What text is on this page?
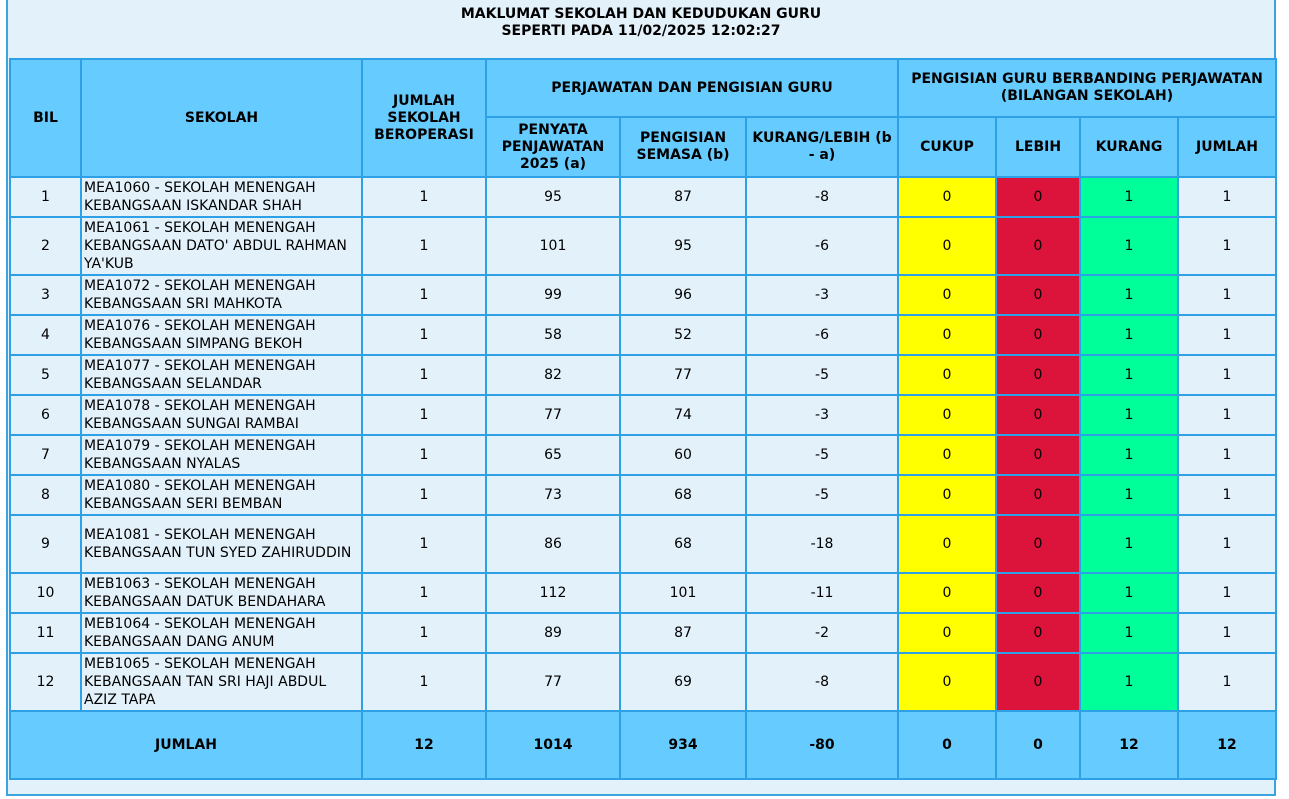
MAKLUMAT SEKOLAH DAN KEDUDUKAN GURU
SEPERTI PADA 11/02/2025 12:02:27
BIL	SEKOLAH	JUMLAH SEKOLAH BEROPERASI	PERJAWATAN DAN PENGISIAN GURU			PENGISIAN GURU BERBANDING PERJAWATAN (BILANGAN SEKOLAH)			
			PENYATA PENJAWATAN 2025 (a)	PENGISIAN SEMASA (b)	KURANG/LEBIH (b - a)	CUKUP	LEBIH	KURANG	JUMLAH
1	MEA1060 - SEKOLAH MENENGAH KEBANGSAAN ISKANDAR SHAH	1	95	87	-8	0	0	1	1
2	MEA1061 - SEKOLAH MENENGAH KEBANGSAAN DATO' ABDUL RAHMAN YA'KUB	1	101	95	-6	0	0	1	1
3	MEA1072 - SEKOLAH MENENGAH KEBANGSAAN SRI MAHKOTA	1	99	96	-3	0	0	1	1
4	MEA1076 - SEKOLAH MENENGAH KEBANGSAAN SIMPANG BEKOH	1	58	52	-6	0	0	1	1
5	MEA1077 - SEKOLAH MENENGAH KEBANGSAAN SELANDAR	1	82	77	-5	0	0	1	1
6	MEA1078 - SEKOLAH MENENGAH KEBANGSAAN SUNGAI RAMBAI	1	77	74	-3	0	0	1	1
7	MEA1079 - SEKOLAH MENENGAH KEBANGSAAN NYALAS	1	65	60	-5	0	0	1	1
8	MEA1080 - SEKOLAH MENENGAH KEBANGSAAN SERI BEMBAN	1	73	68	-5	0	0	1	1
9	MEA1081 - SEKOLAH MENENGAH KEBANGSAAN TUN SYED ZAHIRUDDIN	1	86	68	-18	0	0	1	1
10	MEB1063 - SEKOLAH MENENGAH KEBANGSAAN DATUK BENDAHARA	1	112	101	-11	0	0	1	1
11	MEB1064 - SEKOLAH MENENGAH KEBANGSAAN DANG ANUM	1	89	87	-2	0	0	1	1
12	MEB1065 - SEKOLAH MENENGAH KEBANGSAAN TAN SRI HAJI ABDUL AZIZ TAPA	1	77	69	-8	0	0	1	1
JUMLAH		12	1014	934	-80	0	0	12	12
